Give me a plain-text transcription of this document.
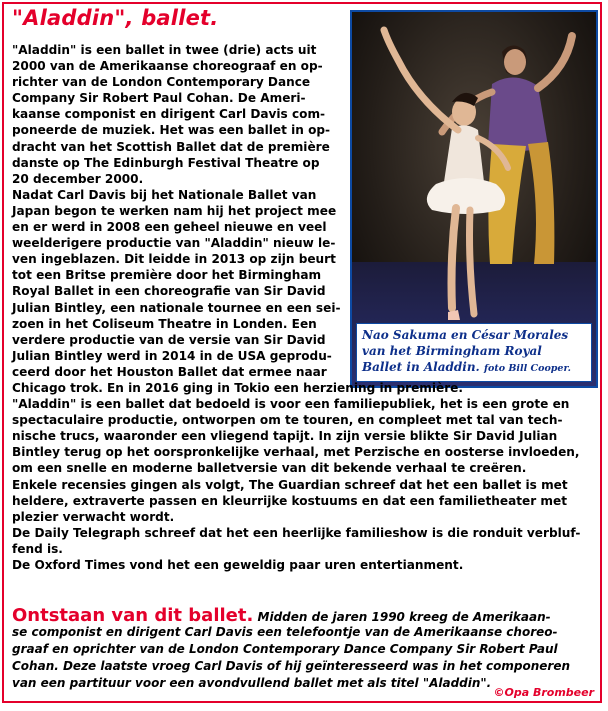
"Aladdin", ballet.
Nao Sakuma en César Morales
van het Birmingham Royal
Ballet in Aladdin. foto Bill Cooper.
"Aladdin" is een ballet in twee (drie) acts uit
2000 van de Amerikaanse choreograaf en op-
richter van de London Contemporary Dance
Company Sir Robert Paul Cohan. De Ameri-
kaanse componist en dirigent Carl Davis com-
poneerde de muziek. Het was een ballet in op-
dracht van het Scottish Ballet dat de première
danste op The Edinburgh Festival Theatre op
20 december 2000.
Nadat Carl Davis bij het Nationale Ballet van
Japan begon te werken nam hij het project mee
en er werd in 2008 een geheel nieuwe en veel
weelderigere productie van "Aladdin" nieuw le-
ven ingeblazen. Dit leidde in 2013 op zijn beurt
tot een Britse première door het Birmingham
Royal Ballet in een choreografie van Sir David
Julian Bintley, een nationale tournee en een sei-
zoen in het Coliseum Theatre in Londen. Een
verdere productie van de versie van Sir David
Julian Bintley werd in 2014 in de USA geprodu-
ceerd door het Houston Ballet dat ermee naar
Chicago trok. En in 2016 ging in Tokio een herziening in première.
"Aladdin" is een ballet dat bedoeld is voor een familiepubliek, het is een grote en
spectaculaire productie, ontworpen om te touren, en compleet met tal van tech-
nische trucs, waaronder een vliegend tapijt. In zijn versie blikte Sir David Julian
Bintley terug op het oorspronkelijke verhaal, met Perzische en oosterse invloeden,
om een snelle en moderne balletversie van dit bekende verhaal te creëren.
Enkele recensies gingen als volgt, The Guardian schreef dat het een ballet is met
heldere, extraverte passen en kleurrijke kostuums en dat een familietheater met
plezier verwacht wordt.
De Daily Telegraph schreef dat het een heerlijke familieshow is die ronduit verbluf-
fend is.
De Oxford Times vond het een geweldig paar uren entertianment.
Ontstaan van dit ballet. Midden de jaren 1990 kreeg de Amerikaan-
se componist en dirigent Carl Davis een telefoontje van de Amerikaanse choreo-
graaf en oprichter van de London Contemporary Dance Company Sir Robert Paul
Cohan. Deze laatste vroeg Carl Davis of hij geïnteresseerd was in het componeren
van een partituur voor een avondvullend ballet met als titel "Aladdin".
©Opa Brombeer
